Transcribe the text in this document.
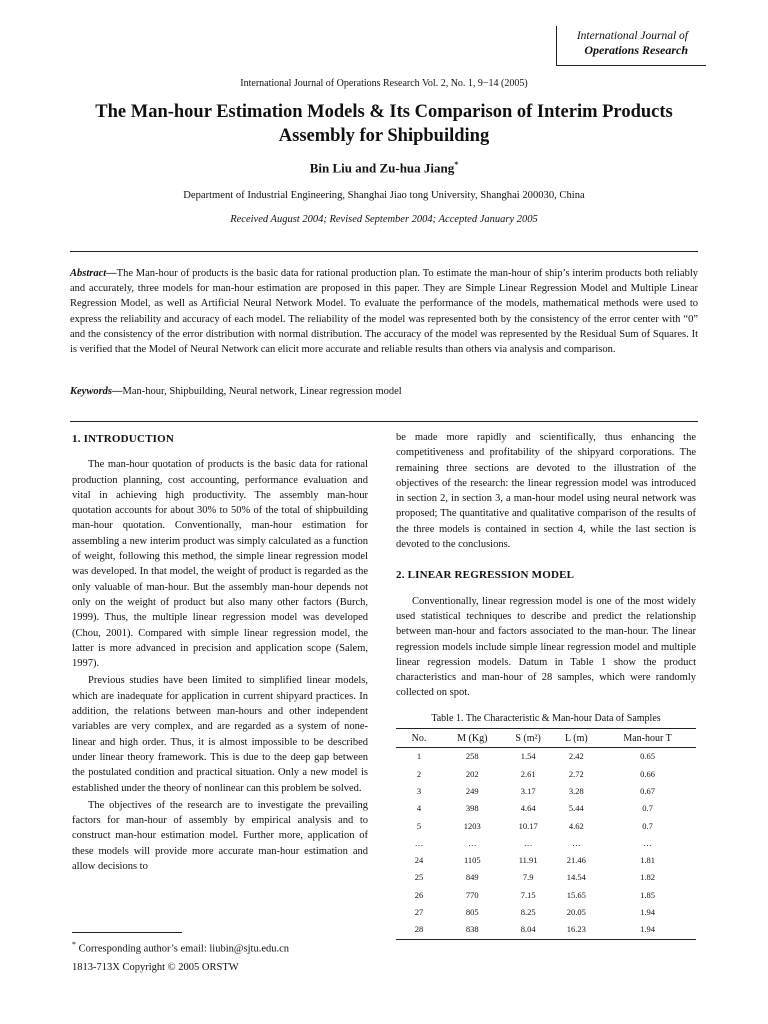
International Journal of
Operations Research
International Journal of Operations Research Vol. 2, No. 1, 9−14 (2005)
The Man-hour Estimation Models & Its Comparison of Interim Products Assembly for Shipbuilding
Bin Liu and Zu-hua Jiang*
Department of Industrial Engineering, Shanghai Jiao tong University, Shanghai 200030, China
Received August 2004; Revised September 2004; Accepted January 2005
Abstract—The Man-hour of products is the basic data for rational production plan. To estimate the man-hour of ship’s interim products both reliably and accurately, three models for man-hour estimation are proposed in this paper. They are Simple Linear Regression Model and Multiple Linear Regression Model, as well as Artificial Neural Network Model. To evaluate the performance of the models, mathematical methods were used to express the reliability and accuracy of each model. The reliability of the model was represented both by the consistency of the error center with “0” and the consistency of the error distribution with normal distribution. The accuracy of the model was represented by the Residual Sum of Squares. It is verified that the Model of Neural Network can elicit more accurate and reliable results than others via analysis and comparison.
Keywords—Man-hour, Shipbuilding, Neural network, Linear regression model
1. INTRODUCTION

The man-hour quotation of products is the basic data for rational production planning, cost accounting, performance evaluation and vital in achieving high productivity. The assembly man-hour quotation accounts for about 30% to 50% of the total of shipbuilding man-hour quotation. Conventionally, man-hour estimation for assembling a new interim product was simply calculated as a function of weight, following this method, the simple linear regression model was developed. In that model, the weight of product is regarded as the only valuable of man-hour. But the assembly man-hour depends not only on the weight of product but also many other factors (Burch, 1999). Thus, the multiple linear regression model was developed (Chou, 2001). Compared with simple linear regression model, the latter is more advanced in precision and application scope (Salem, 1997).

Previous studies have been limited to simplified linear models, which are inadequate for application in current shipyard practices. In addition, the relations between man-hours and other independent variables are very complex, and are regarded as a system of none-linear and high order. Thus, it is almost impossible to be described under linear theory framework. This is due to the deep gap between the postulated condition and practical situation. Only a new model is established under the theory of nonlinear can this problem be solved.

The objectives of the research are to investigate the prevailing factors for man-hour of assembly by empirical analysis and to construct man-hour estimation model. Further more, application of these models will provide more accurate man-hour estimation and allow decisions to

be made more rapidly and scientifically, thus enhancing the competitiveness and profitability of the shipyard corporations. The remaining three sections are devoted to the illustration of the objectives of the research: the linear regression model was introduced in section 2, in section 3, a man-hour model using neural network was proposed; The quantitative and qualitative comparison of the results of the three models is contained in section 4, while the last section is devoted to the conclusions.

2. LINEAR REGRESSION MODEL

Conventionally, linear regression model is one of the most widely used statistical techniques to describe and predict the relationship between man-hour and factors associated to the man-hour. The linear regression models include simple linear regression model and multiple linear regression models. Datum in Table 1 show the product characteristics and man-hour of 28 samples, which were randomly collected on spot.

Table 1. The Characteristic & Man-hour Data of Samples
No.	M (Kg)	S (m²)	L (m)	Man-hour T
1	258	1.54	2.42	0.65
2	202	2.61	2.72	0.66
3	249	3.17	3.28	0.67
4	398	4.64	5.44	0.7
5	1203	10.17	4.62	0.7
…	…	…	…	…
24	1105	11.91	21.46	1.81
25	849	7.9	14.54	1.82
26	770	7.15	15.65	1.85
27	805	8.25	20.05	1.94
28	838	8.04	16.23	1.94
* Corresponding author’s email: liubin@sjtu.edu.cn
1813-713X Copyright © 2005 ORSTW
